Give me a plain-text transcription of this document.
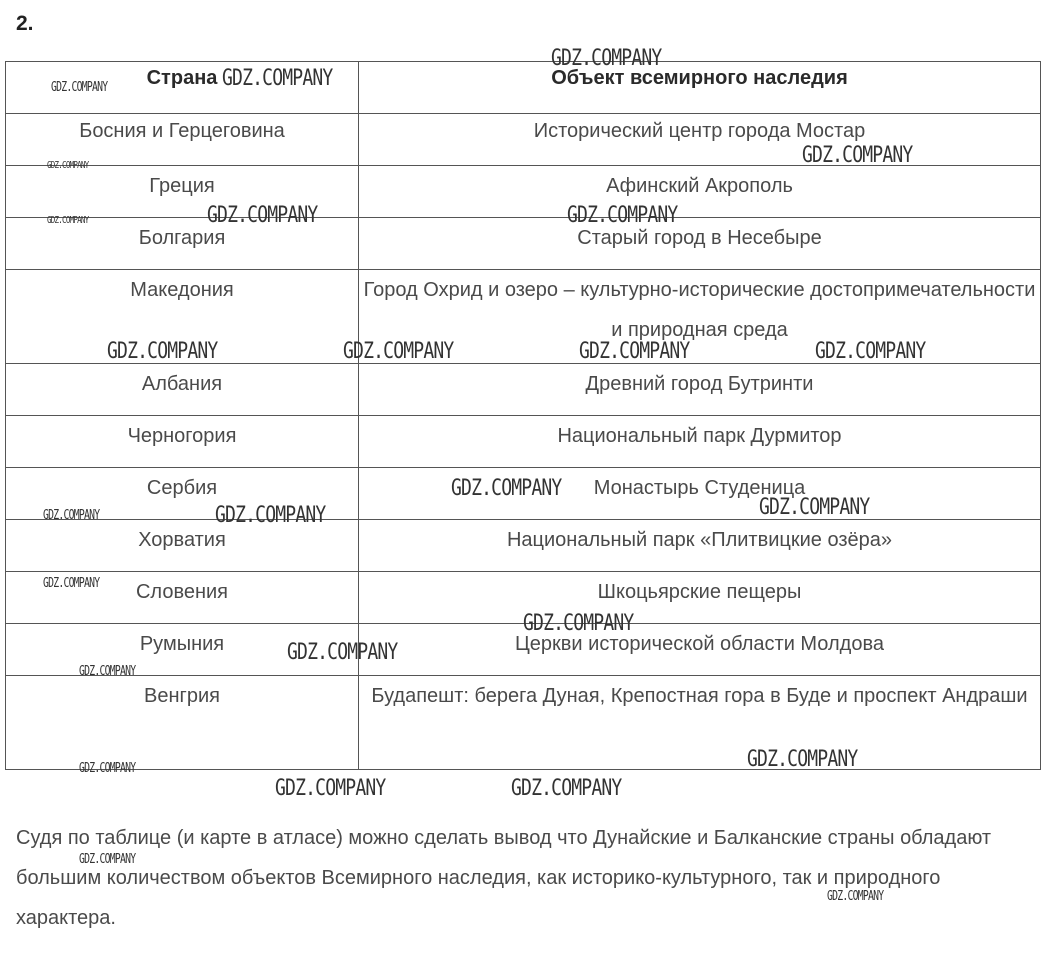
2.
Страна	Объект всемирного наследия
Босния и Герцеговина	Исторический центр города Мостар
Греция	Афинский Акрополь
Болгария	Старый город в Несебыре
Македония	Город Охрид и озеро – культурно-исторические достопримечательности и природная среда
Албания	Древний город Бутринти
Черногория	Национальный парк Дурмитор
Сербия	Монастырь Студеница
Хорватия	Национальный парк «Плитвицкие озёра»
Словения	Шкоцьярские пещеры
Румыния	Церкви исторической области Молдова
Венгрия	Будапешт: берега Дуная, Крепостная гора в Буде и проспект Андраши
Судя по таблице (и карте в атласе) можно сделать вывод что Дунайские и Балканские страны обладают большим количеством объектов Всемирного наследия, как историко-культурного, так и природного характера.
GDZ.COMPANY
GDZ.COMPANY	GDZ.COMPANY
GDZ.COMPANY
GDZ.COMPANY
GDZ.COMPANY	GDZ.COMPANY	GDZ.COMPANY
GDZ.COMPANY	GDZ.COMPANY	GDZ.COMPANY	GDZ.COMPANY
GDZ.COMPANY
GDZ.COMPANY
GDZ.COMPANY	GDZ.COMPANY
GDZ.COMPANY
GDZ.COMPANY
GDZ.COMPANY
GDZ.COMPANY
GDZ.COMPANY
GDZ.COMPANY
GDZ.COMPANY	GDZ.COMPANY
GDZ.COMPANY
GDZ.COMPANY
